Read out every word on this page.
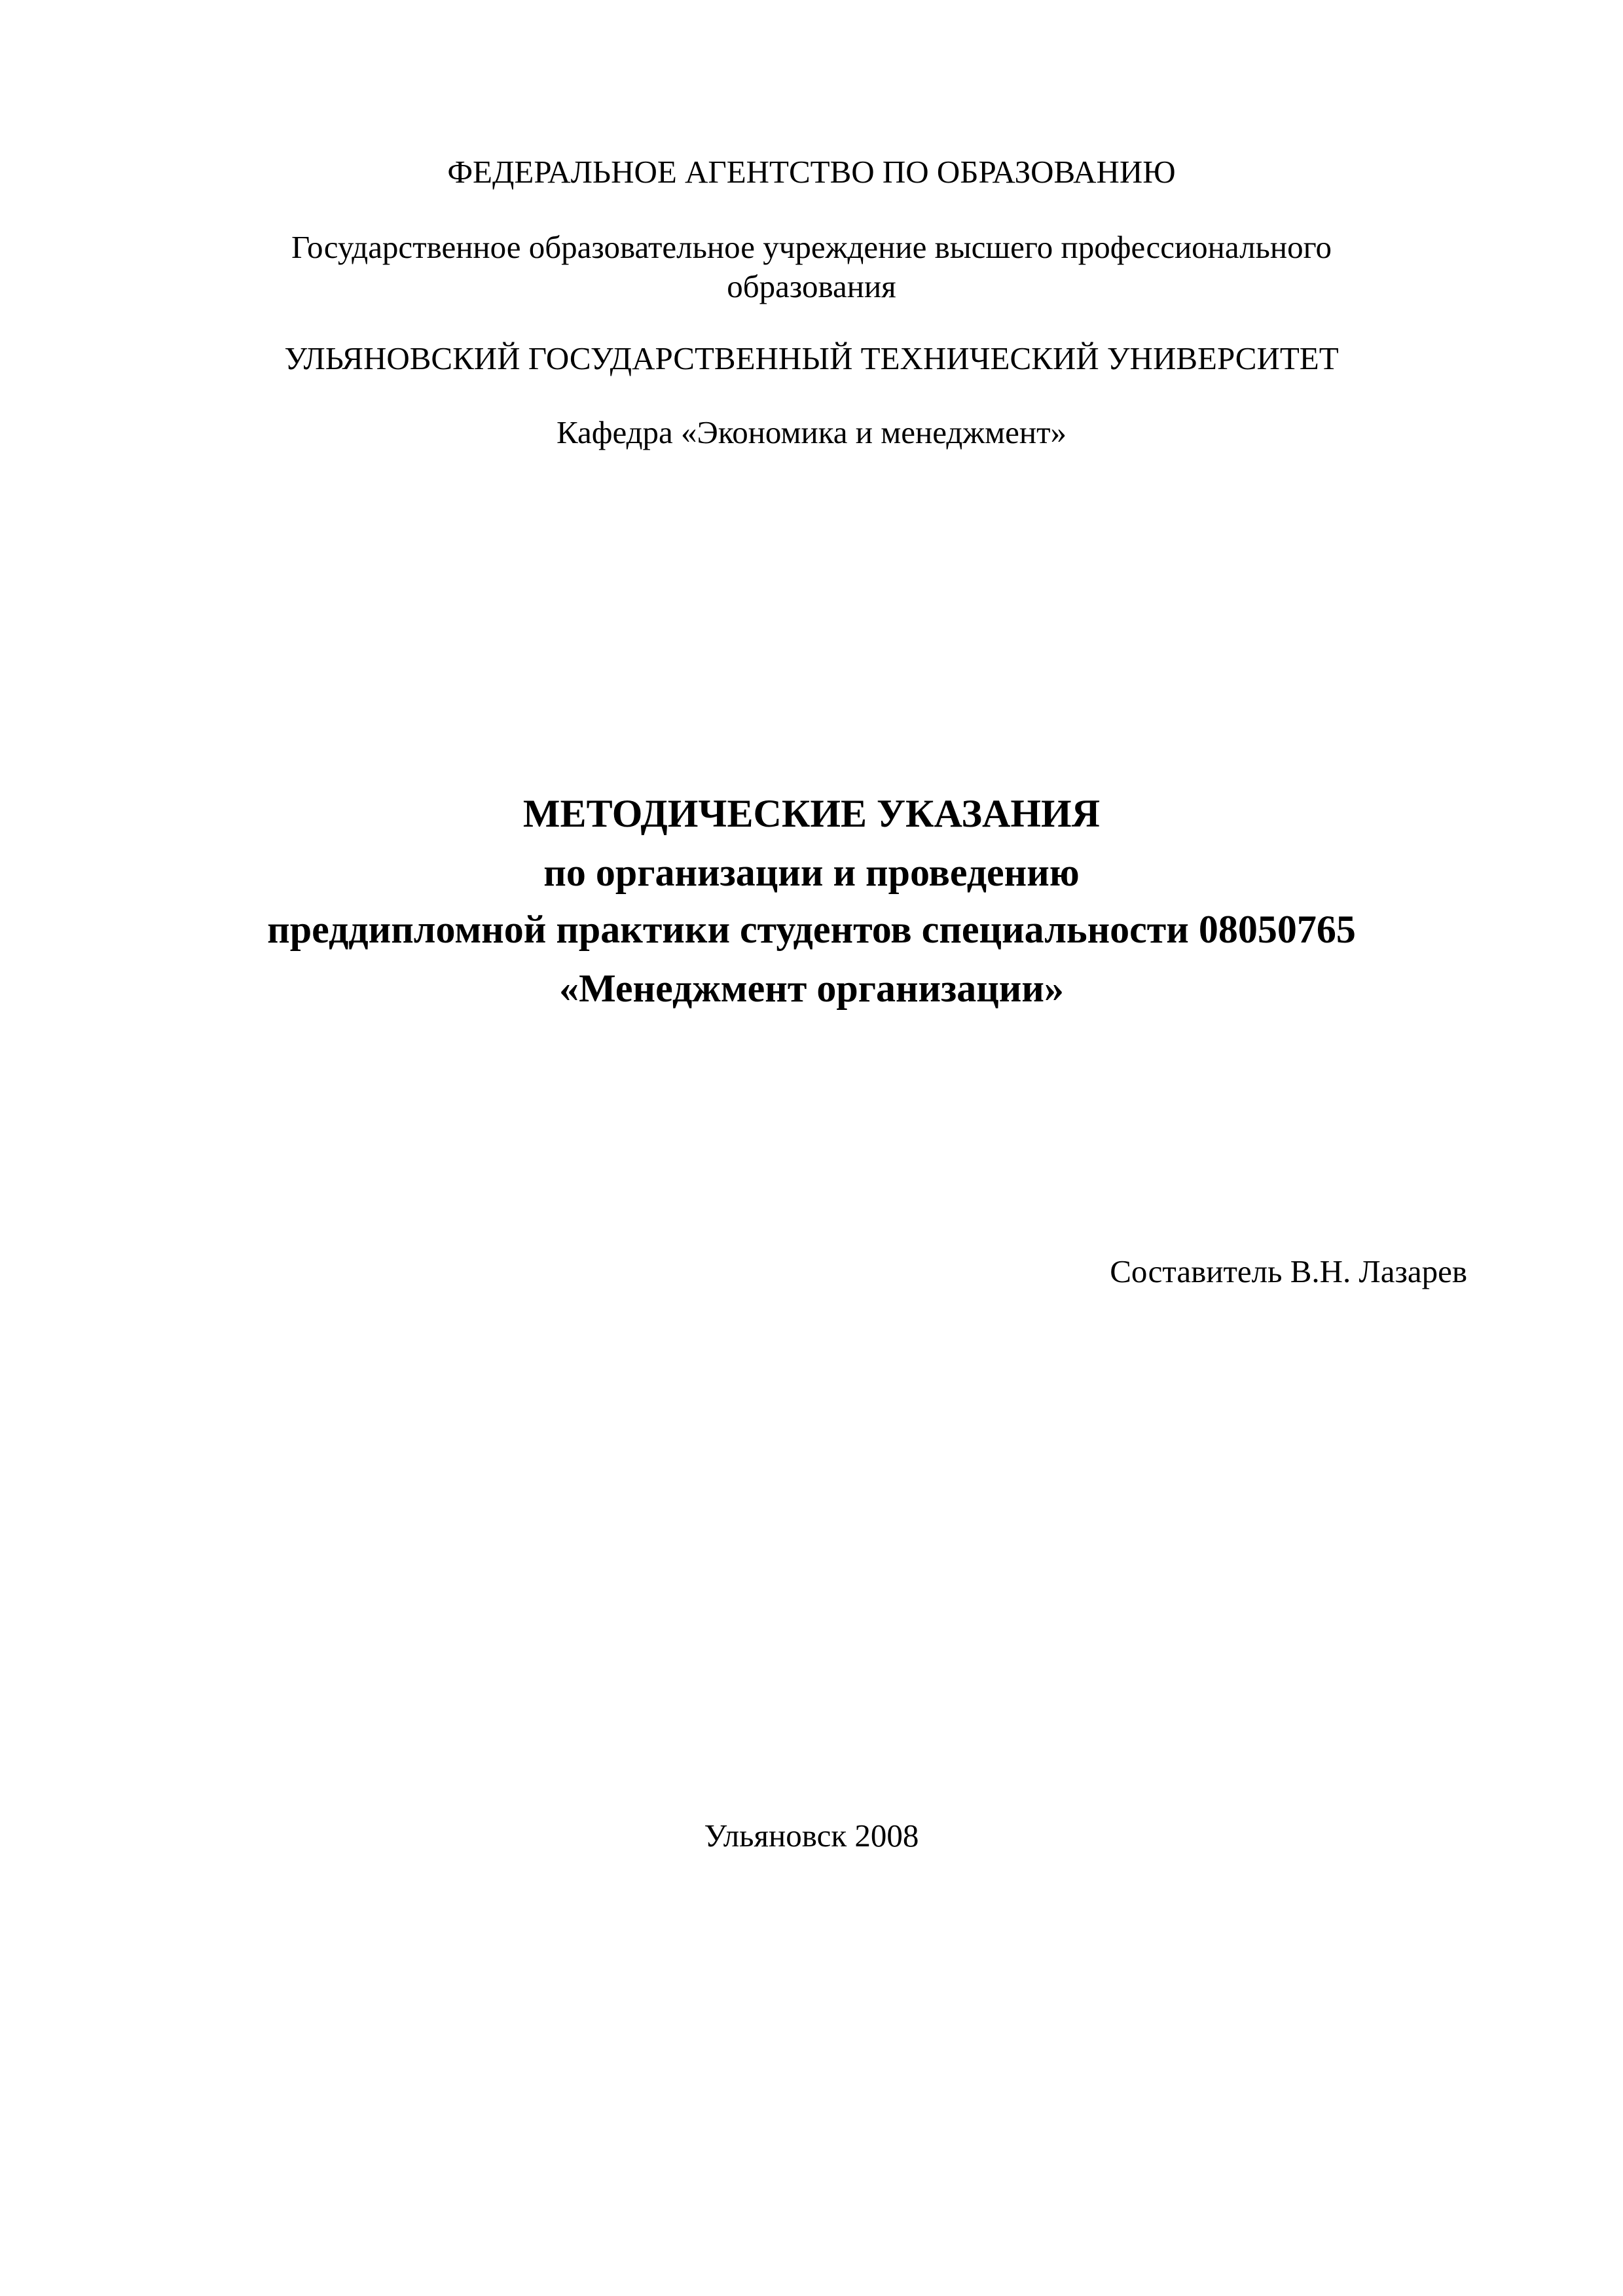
ФЕДЕРАЛЬНОЕ АГЕНТСТВО ПО ОБРАЗОВАНИЮ

Государственное образовательное учреждение высшего профессионального

образования

УЛЬЯНОВСКИЙ ГОСУДАРСТВЕННЫЙ ТЕХНИЧЕСКИЙ УНИВЕРСИТЕТ

Кафедра «Экономика и менеджмент»

МЕТОДИЧЕСКИЕ УКАЗАНИЯ

по организации и проведению

преддипломной практики студентов специальности 08050765

«Менеджмент организации»

Составитель В.Н. Лазарев

Ульяновск 2008
